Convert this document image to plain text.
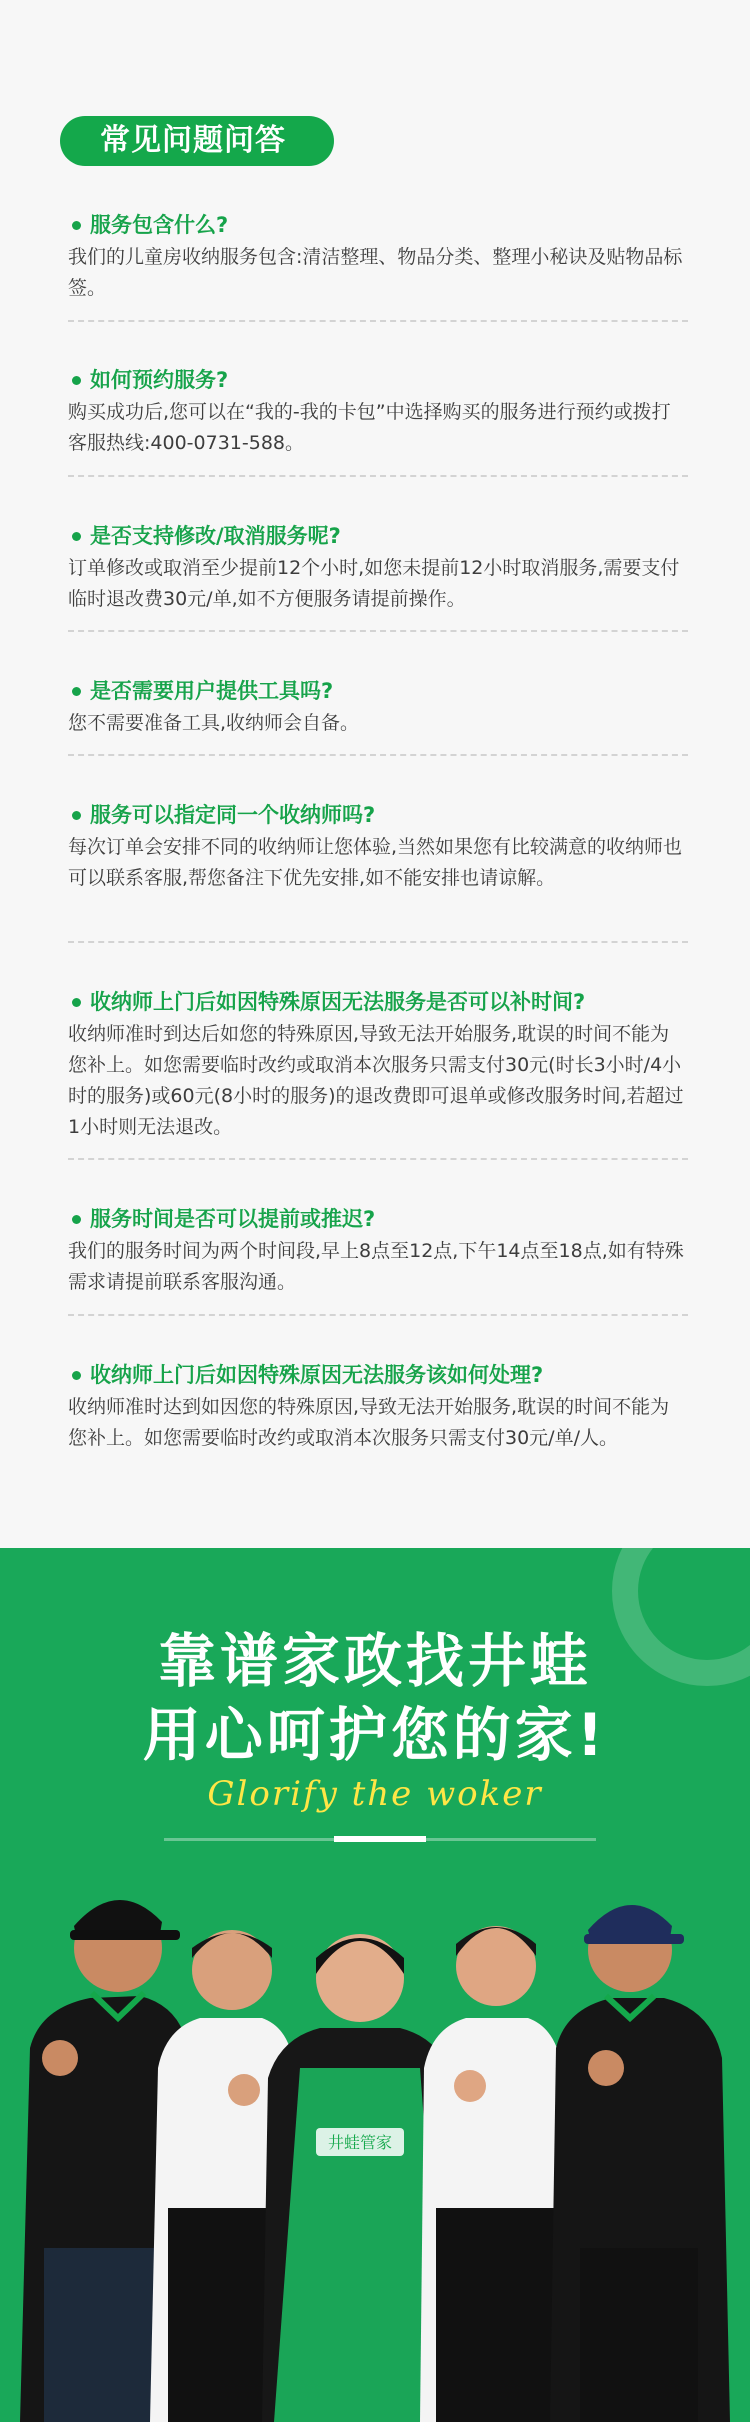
常见问题问答
服务包含什么?
我们的儿童房收纳服务包含:清洁整理、物品分类、整理小秘诀及贴物品标签。
如何预约服务?
购买成功后,您可以在“我的-我的卡包”中选择购买的服务进行预约或拨打客服热线:400-0731-588。
是否支持修改/取消服务呢?
订单修改或取消至少提前12个小时,如您未提前12小时取消服务,需要支付临时退改费30元/单,如不方便服务请提前操作。
是否需要用户提供工具吗?
您不需要准备工具,收纳师会自备。
服务可以指定同一个收纳师吗?
每次订单会安排不同的收纳师让您体验,当然如果您有比较满意的收纳师也可以联系客服,帮您备注下优先安排,如不能安排也请谅解。
收纳师上门后如因特殊原因无法服务是否可以补时间?
收纳师准时到达后如您的特殊原因,导致无法开始服务,耽误的时间不能为您补上。如您需要临时改约或取消本次服务只需支付30元(时长3小时/4小时的服务)或60元(8小时的服务)的退改费即可退单或修改服务时间,若超过1小时则无法退改。
服务时间是否可以提前或推迟?
我们的服务时间为两个时间段,早上8点至12点,下午14点至18点,如有特殊需求请提前联系客服沟通。
收纳师上门后如因特殊原因无法服务该如何处理?
收纳师准时达到如因您的特殊原因,导致无法开始服务,耽误的时间不能为您补上。如您需要临时改约或取消本次服务只需支付30元/单/人。
靠谱家政找井蛙
用心呵护您的家!
Glorify the woker
井蛙管家
